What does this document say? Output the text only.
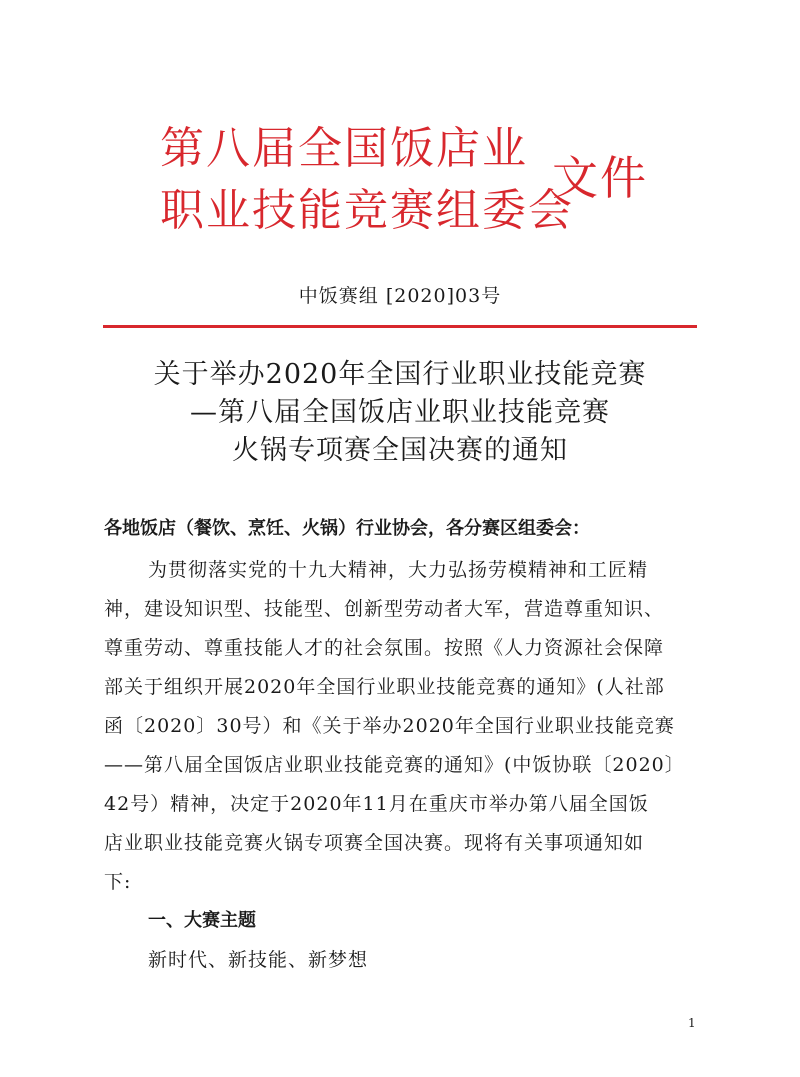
第八届全国饭店业
职业技能竞赛组委会
文件
中饭赛组 [2020]03号
关于举办2020年全国行业职业技能竞赛
—第八届全国饭店业职业技能竞赛
火锅专项赛全国决赛的通知
各地饭店（餐饮、烹饪、火锅）行业协会，各分赛区组委会：
为贯彻落实党的十九大精神，大力弘扬劳模精神和工匠精
神，建设知识型、技能型、创新型劳动者大军，营造尊重知识、
尊重劳动、尊重技能人才的社会氛围。按照《人力资源社会保障
部关于组织开展2020年全国行业职业技能竞赛的通知》(人社部
函〔2020〕30号）和《关于举办2020年全国行业职业技能竞赛
——第八届全国饭店业职业技能竞赛的通知》(中饭协联〔2020〕
42号）精神，决定于2020年11月在重庆市举办第八届全国饭
店业职业技能竞赛火锅专项赛全国决赛。现将有关事项通知如
下:
一、大赛主题
新时代、新技能、新梦想
1
